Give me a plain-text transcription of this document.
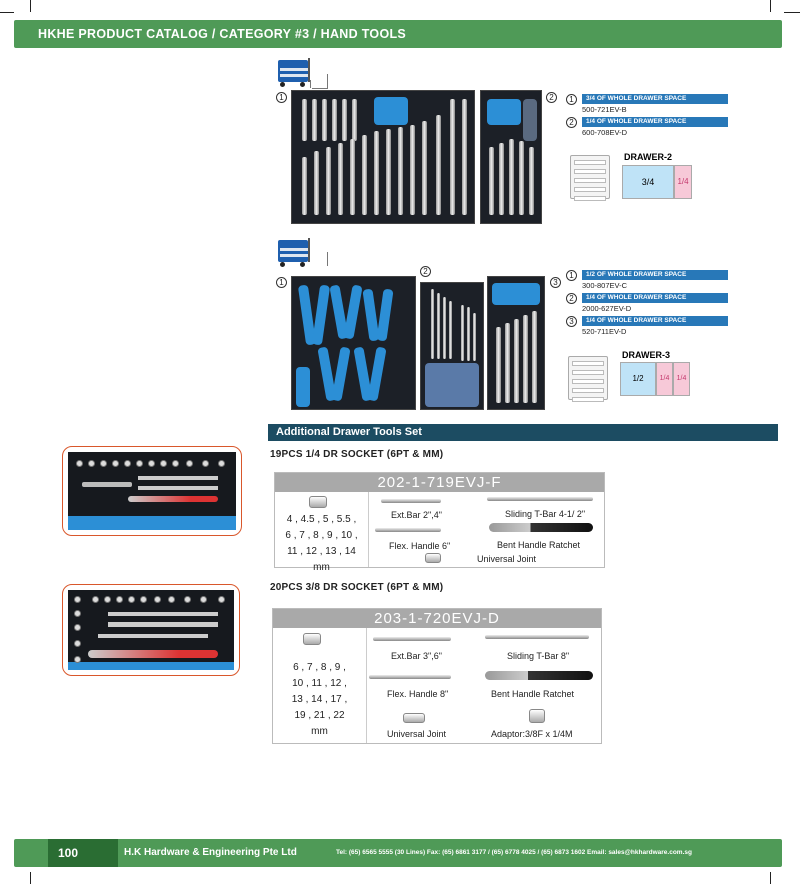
HKHE PRODUCT CATALOG / CATEGORY #3 / HAND TOOLS
1	2	1	3/4 OF WHOLE DRAWER SPACE
500-721EV-B
2	1/4 OF WHOLE DRAWER SPACE
600-708EV-D
DRAWER-2
3/4	1/4
1
2
3
1	1/2 OF WHOLE DRAWER SPACE
300-807EV-C
2	1/4 OF WHOLE DRAWER SPACE
2000-627EV-D
3	1/4 OF WHOLE DRAWER SPACE
520-711EV-D
DRAWER-3
1/2	1/4	1/4
Additional Drawer Tools Set
19PCS 1/4 DR SOCKET (6PT & MM)
202-1-719EVJ-F
4 , 4.5 , 5 , 5.5 ,
6 , 7 , 8 , 9 , 10 ,
11 , 12 , 13 , 14
mm
Ext.Bar 2",4"	Sliding T-Bar 4-1/ 2"
Flex. Handle 6"	Bent Handle Ratchet
Universal Joint
20PCS 3/8 DR SOCKET (6PT & MM)
203-1-720EVJ-D
6 , 7 , 8 , 9 ,
10 , 11 , 12 ,
13 , 14 , 17 ,
19 , 21 , 22
mm
Ext.Bar 3",6"	Sliding T-Bar 8"
Flex. Handle 8"	Bent Handle Ratchet
Universal Joint	Adaptor:3/8F x 1/4M
100	H.K Hardware & Engineering Pte Ltd	Tel: (65) 6565 5555 (30 Lines) Fax: (65) 6861 3177 / (65) 6778 4025 / (65) 6873 1602 Email: sales@hkhardware.com.sg
